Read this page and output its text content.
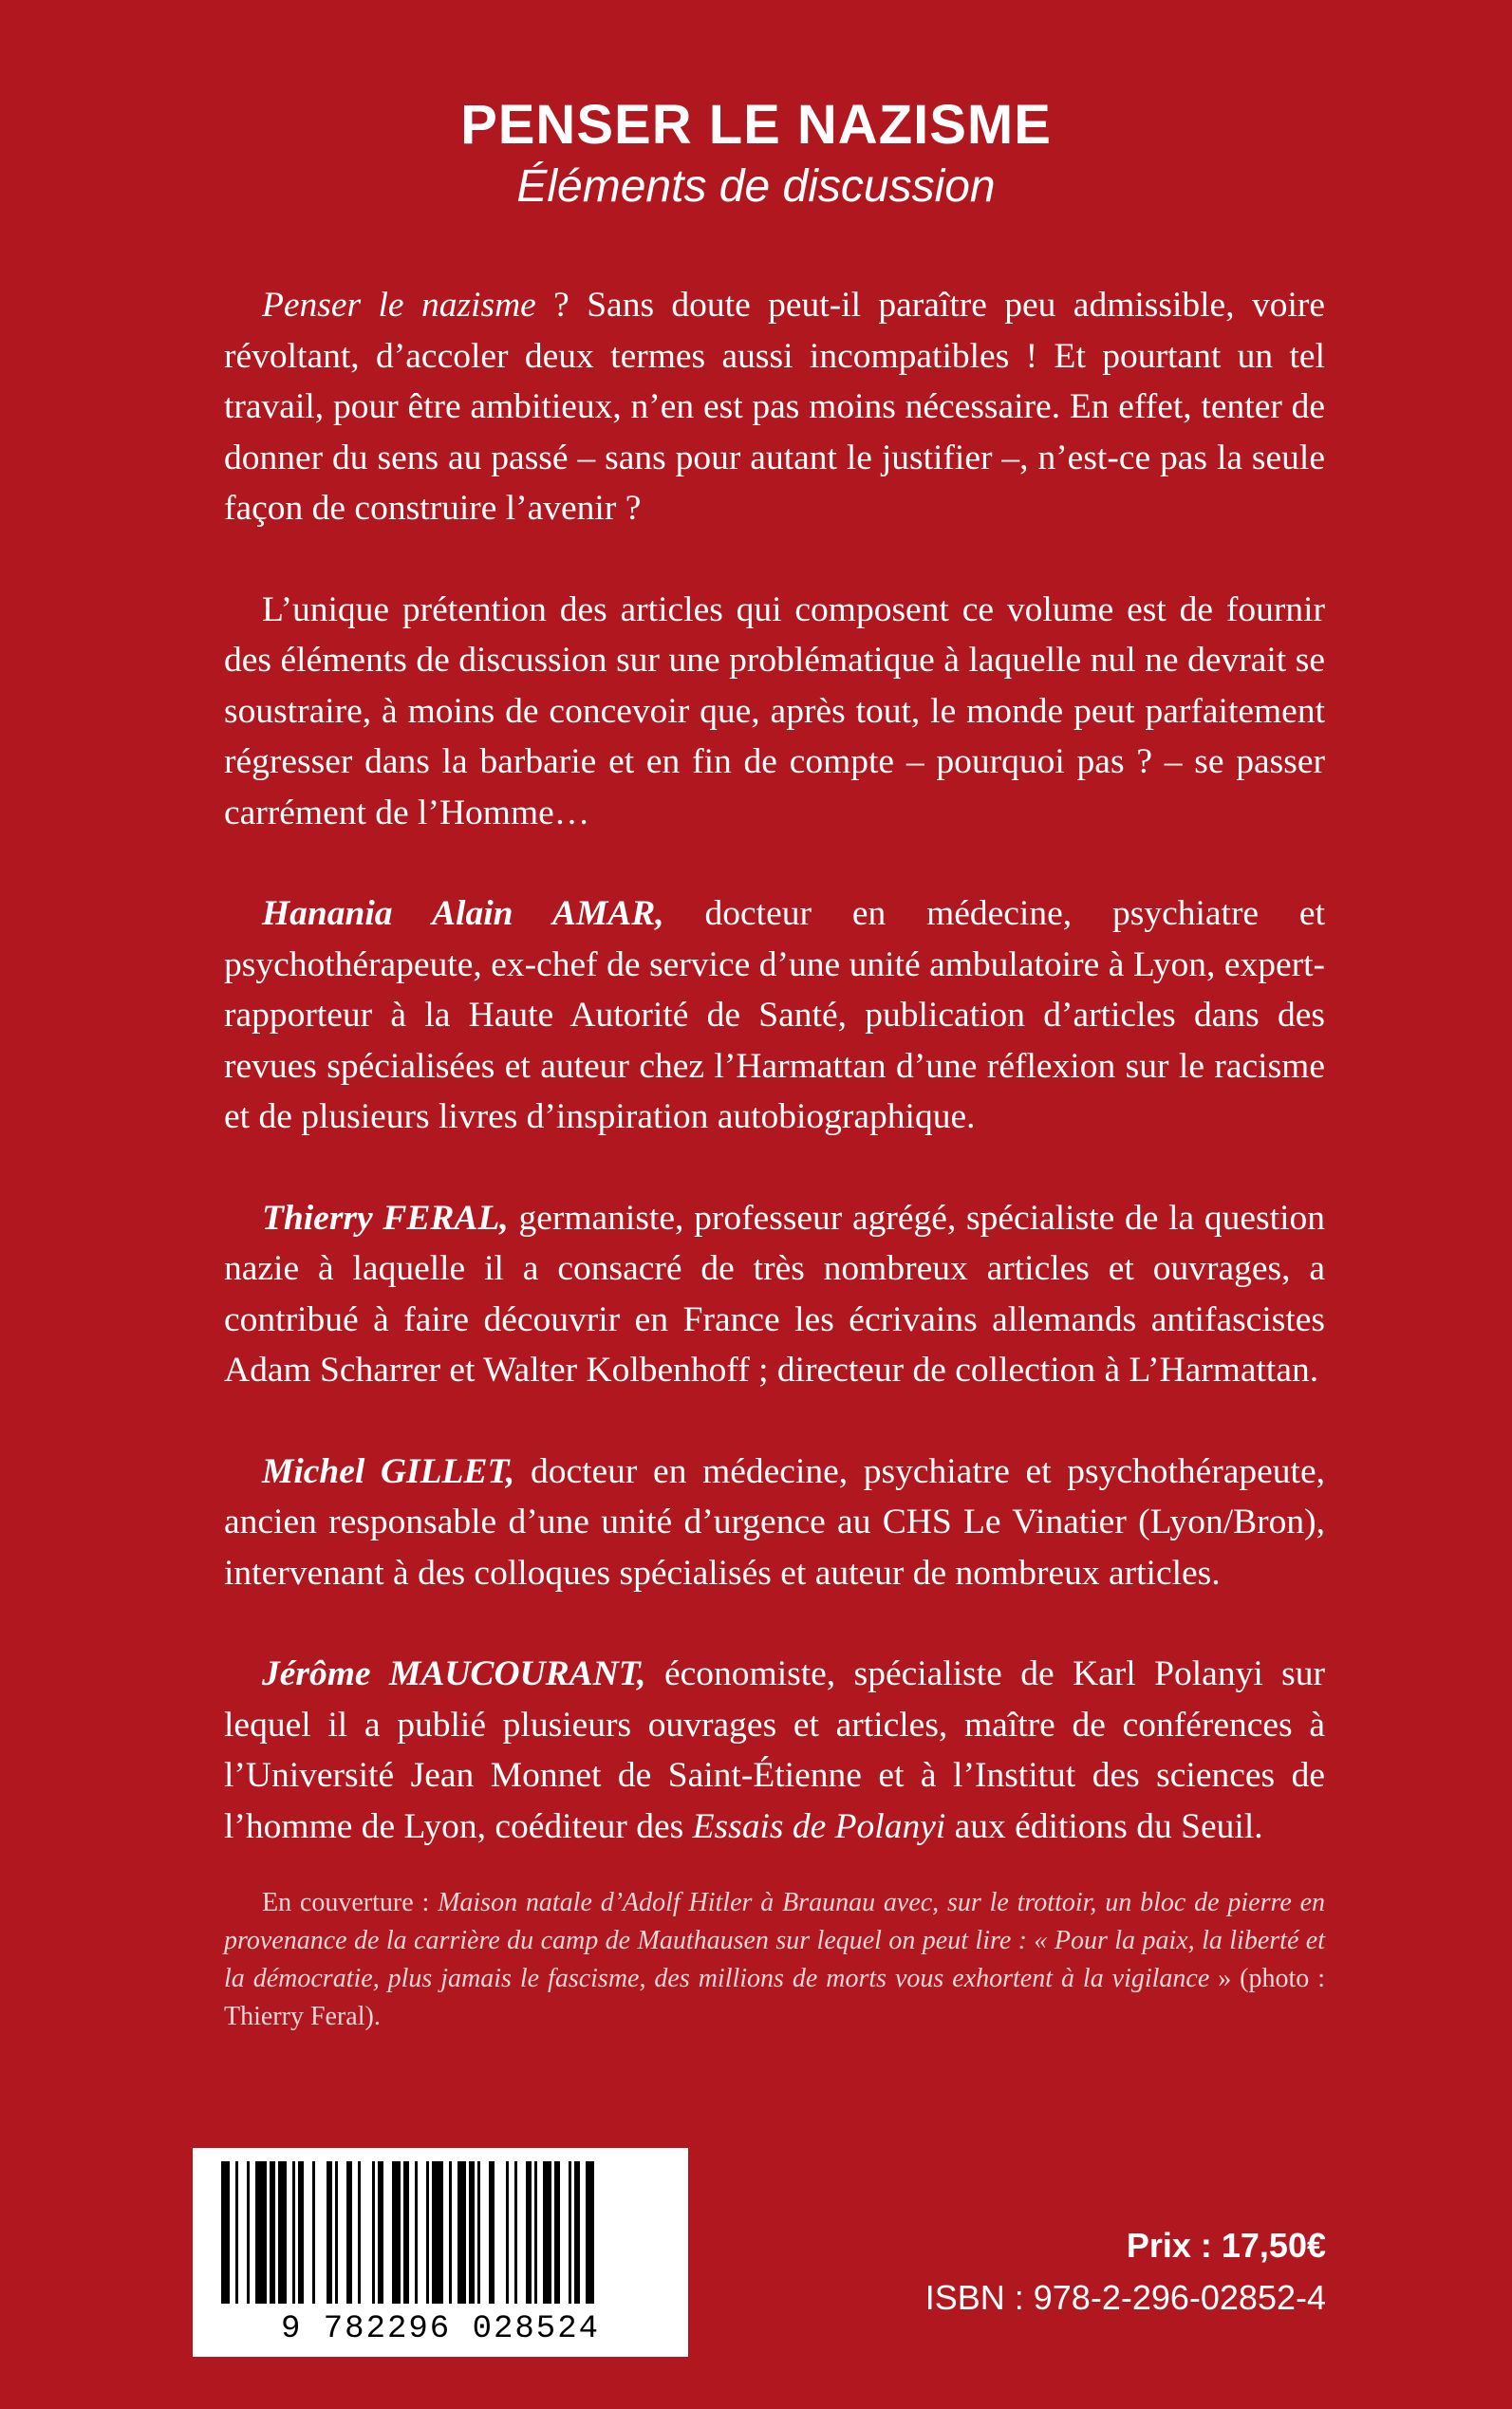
PENSER LE NAZISME

Éléments de discussion

Penser le nazisme ? Sans doute peut-il paraître peu admissible, voire révoltant, d’accoler deux termes aussi incompatibles ! Et pourtant un tel travail, pour être ambitieux, n’en est pas moins nécessaire. En effet, tenter de donner du sens au passé – sans pour autant le justifier –, n’est-ce pas la seule façon de construire l’avenir ?

L’unique prétention des articles qui composent ce volume est de fournir des éléments de discussion sur une problématique à laquelle nul ne devrait se soustraire, à moins de concevoir que, après tout, le monde peut parfaitement régresser dans la barbarie et en fin de compte – pourquoi pas ? – se passer carrément de l’Homme…

Hanania Alain AMAR, docteur en médecine, psychiatre et psychothérapeute, ex-chef de service d’une unité ambulatoire à Lyon, expert-rapporteur à la Haute Autorité de Santé, publication d’articles dans des revues spécialisées et auteur chez l’Harmattan d’une réflexion sur le racisme et de plusieurs livres d’inspiration autobiographique.

Thierry FERAL, germaniste, professeur agrégé, spécialiste de la question nazie à laquelle il a consacré de très nombreux articles et ouvrages, a contribué à faire découvrir en France les écrivains allemands antifascistes Adam Scharrer et Walter Kolbenhoff ; directeur de collection à L’Harmattan.

Michel GILLET, docteur en médecine, psychiatre et psychothérapeute, ancien responsable d’une unité d’urgence au CHS Le Vinatier (Lyon/Bron), intervenant à des colloques spécialisés et auteur de nombreux articles.

Jérôme MAUCOURANT, économiste, spécialiste de Karl Polanyi sur lequel il a publié plusieurs ouvrages et articles, maître de conférences à l’Université Jean Monnet de Saint-Étienne et à l’Institut des sciences de l’homme de Lyon, coéditeur des Essais de Polanyi aux éditions du Seuil.

En couverture : Maison natale d’Adolf Hitler à Braunau avec, sur le trottoir, un bloc de pierre en provenance de la carrière du camp de Mauthausen sur lequel on peut lire : « Pour la paix, la liberté et la démocratie, plus jamais le fascisme, des millions de morts vous exhortent à la vigilance » (photo : Thierry Feral).

9 782296 028524
Prix : 17,50€
ISBN : 978-2-296-02852-4
